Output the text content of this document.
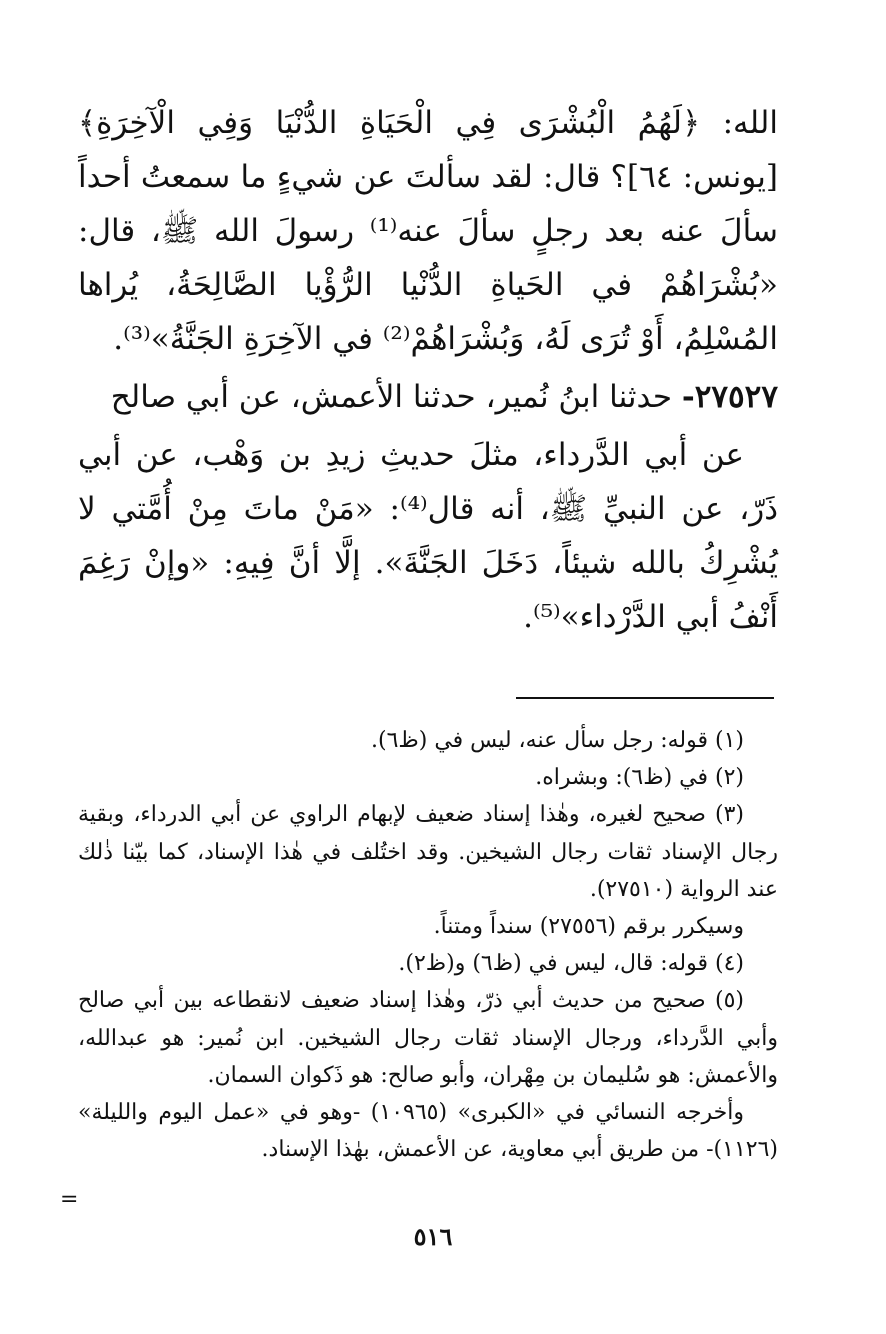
الله: ﴿لَهُمُ الْبُشْرَى فِي الْحَيَاةِ الدُّنْيَا وَفِي الْآخِرَةِ﴾ [يونس: ٦٤]؟ قال: لقد سألتَ عن شيءٍ ما سمعتُ أحداً سألَ عنه بعد رجلٍ سألَ عنه⁽¹⁾ رسولَ الله ﷺ، قال: «بُشْرَاهُمْ في الحَياةِ الدُّنْيا الرُّؤْيا الصَّالِحَةُ، يُراها المُسْلِمُ، أَوْ تُرَى لَهُ، وَبُشْرَاهُمْ⁽²⁾ في الآخِرَةِ الجَنَّةُ»⁽³⁾.

٢٧٥٢٧- حدثنا ابنُ نُمير، حدثنا الأعمش، عن أبي صالح

عن أبي الدَّرداء، مثلَ حديثِ زيدِ بن وَهْب، عن أبي ذَرّ، عن النبيِّ ﷺ، أنه قال⁽⁴⁾: «مَنْ ماتَ مِنْ أُمَّتي لا يُشْرِكُ بالله شيئاً، دَخَلَ الجَنَّةَ». إلَّا أنَّ فِيهِ: «وإنْ رَغِمَ أَنْفُ أبي الدَّرْداء»⁽⁵⁾.

(١) قوله: رجل سأل عنه، ليس في (ظ٦).

(٢) في (ظ٦): وبشراه.

(٣) صحيح لغيره، وهٰذا إسناد ضعيف لإبهام الراوي عن أبي الدرداء، وبقية رجال الإسناد ثقات رجال الشيخين. وقد اختُلف في هٰذا الإسناد، كما بيّنا ذٰلك عند الرواية (٢٧٥١٠).

وسيكرر برقم (٢٧٥٥٦) سنداً ومتناً.

(٤) قوله: قال، ليس في (ظ٦) و(ظ٢).

(٥) صحيح من حديث أبي ذرّ، وهٰذا إسناد ضعيف لانقطاعه بين أبي صالح وأبي الدَّرداء، ورجال الإسناد ثقات رجال الشيخين. ابن نُمير: هو عبدالله، والأعمش: هو سُليمان بن مِهْران، وأبو صالح: هو ذَكوان السمان.

وأخرجه النسائي في «الكبرى» (١٠٩٦٥) -وهو في «عمل اليوم والليلة» (١١٢٦)- من طريق أبي معاوية، عن الأعمش، بهٰذا الإسناد.

=
٥١٦
